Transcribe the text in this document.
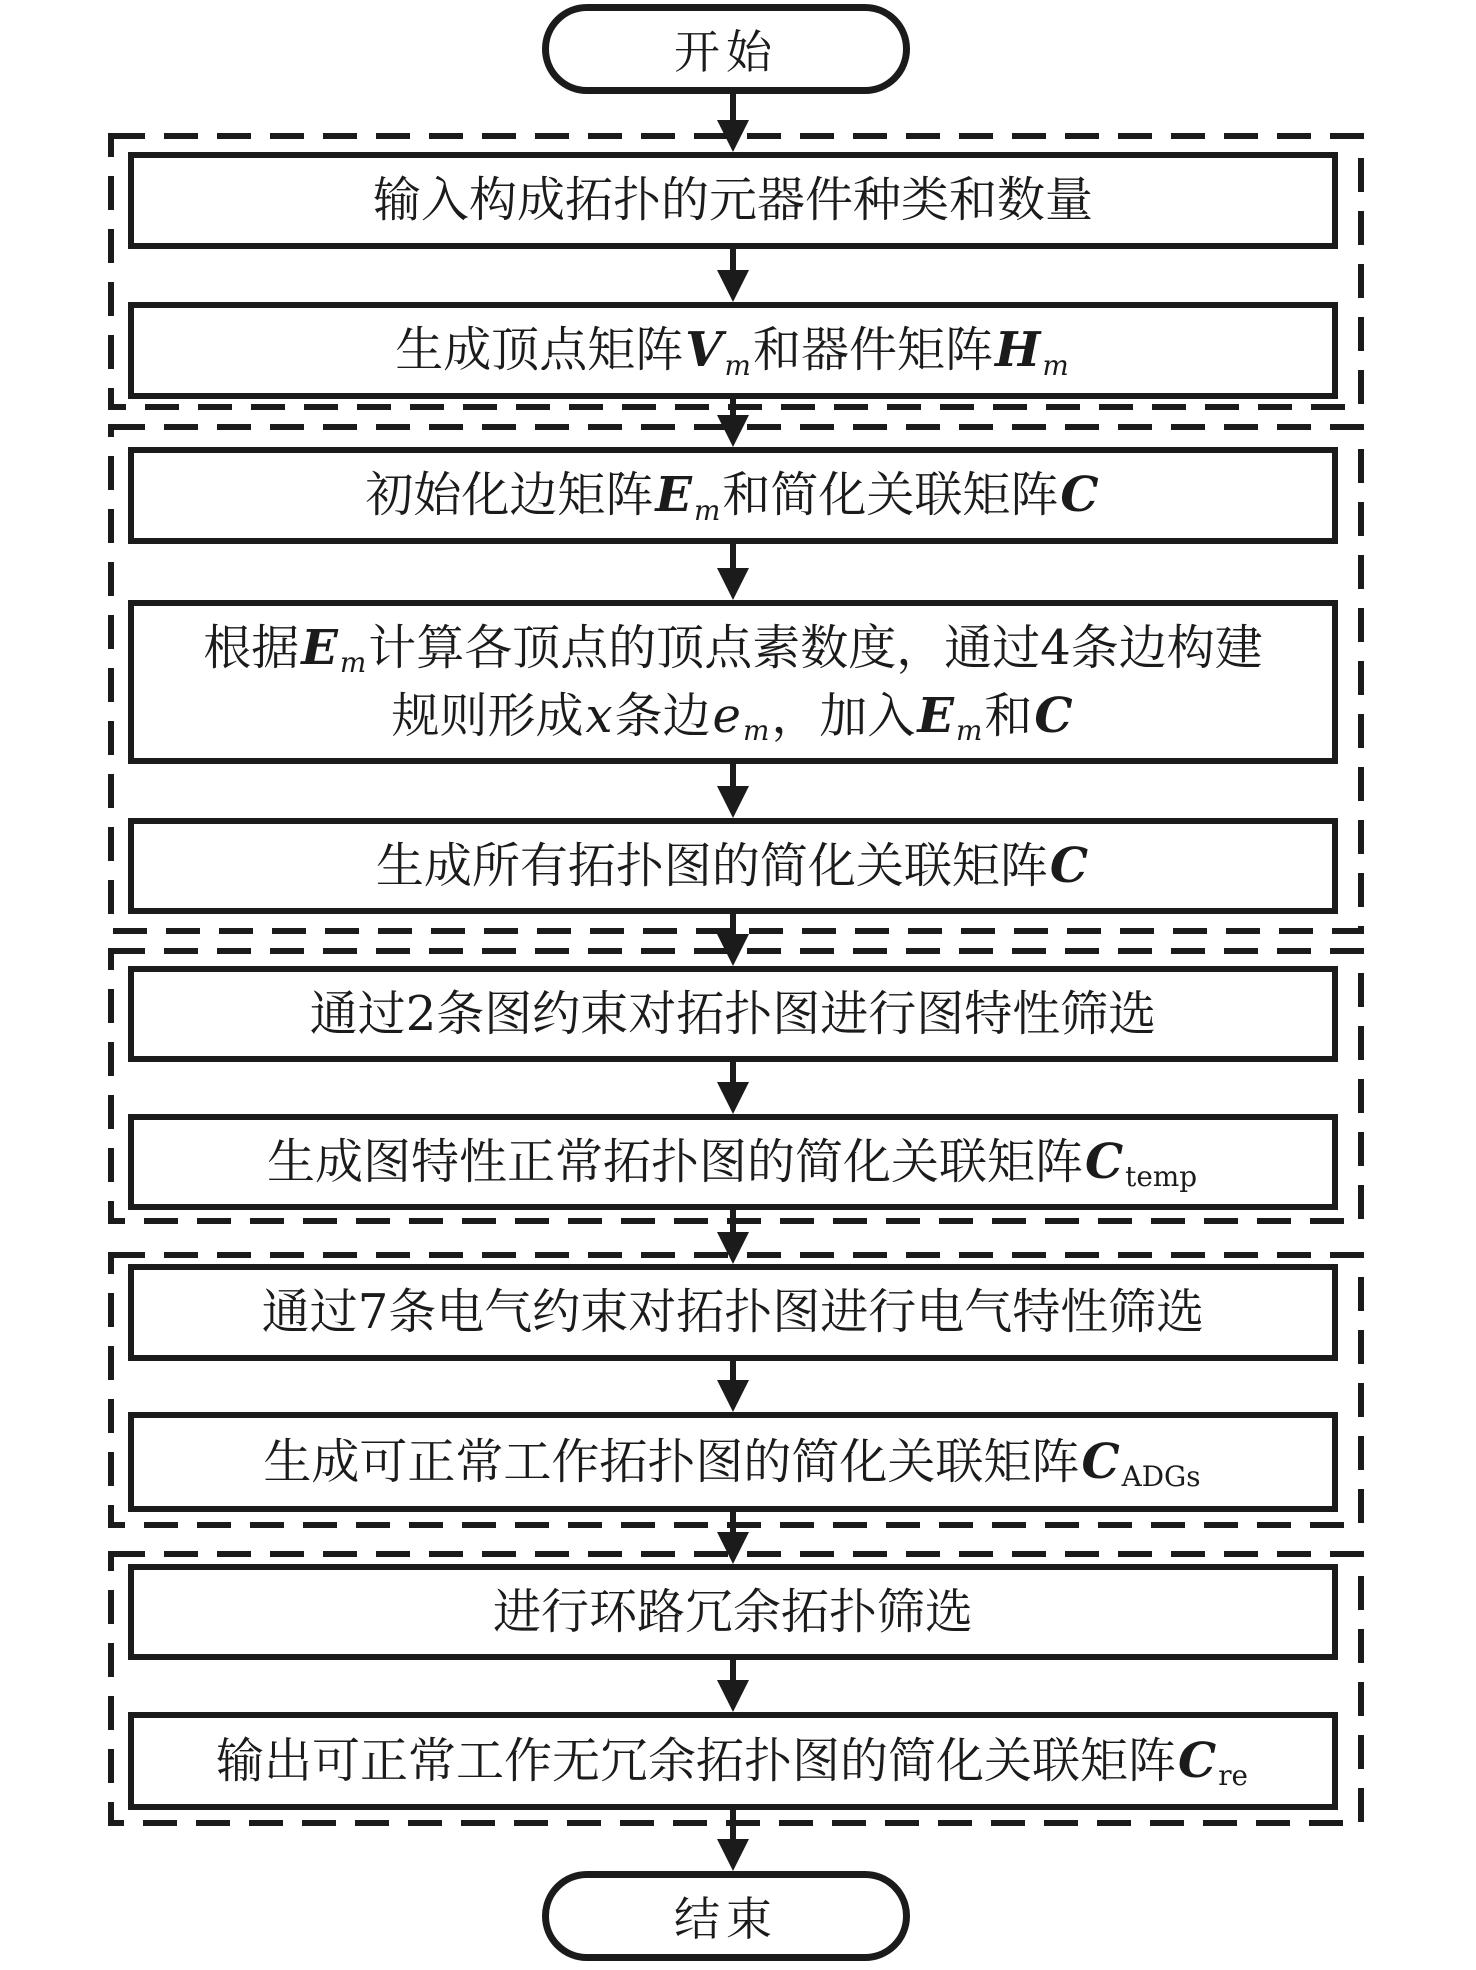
开始
输入构成拓扑的元器件种类和数量
生成顶点矩阵Vm和器件矩阵Hm
初始化边矩阵Em和简化关联矩阵C
根据Em计算各顶点的顶点素数度，通过4条边构建
规则形成x条边em，加入Em和C
生成所有拓扑图的简化关联矩阵C
通过2条图约束对拓扑图进行图特性筛选
生成图特性正常拓扑图的简化关联矩阵Ctemp
通过7条电气约束对拓扑图进行电气特性筛选
生成可正常工作拓扑图的简化关联矩阵CADGs
进行环路冗余拓扑筛选
输出可正常工作无冗余拓扑图的简化关联矩阵Cre
结束
